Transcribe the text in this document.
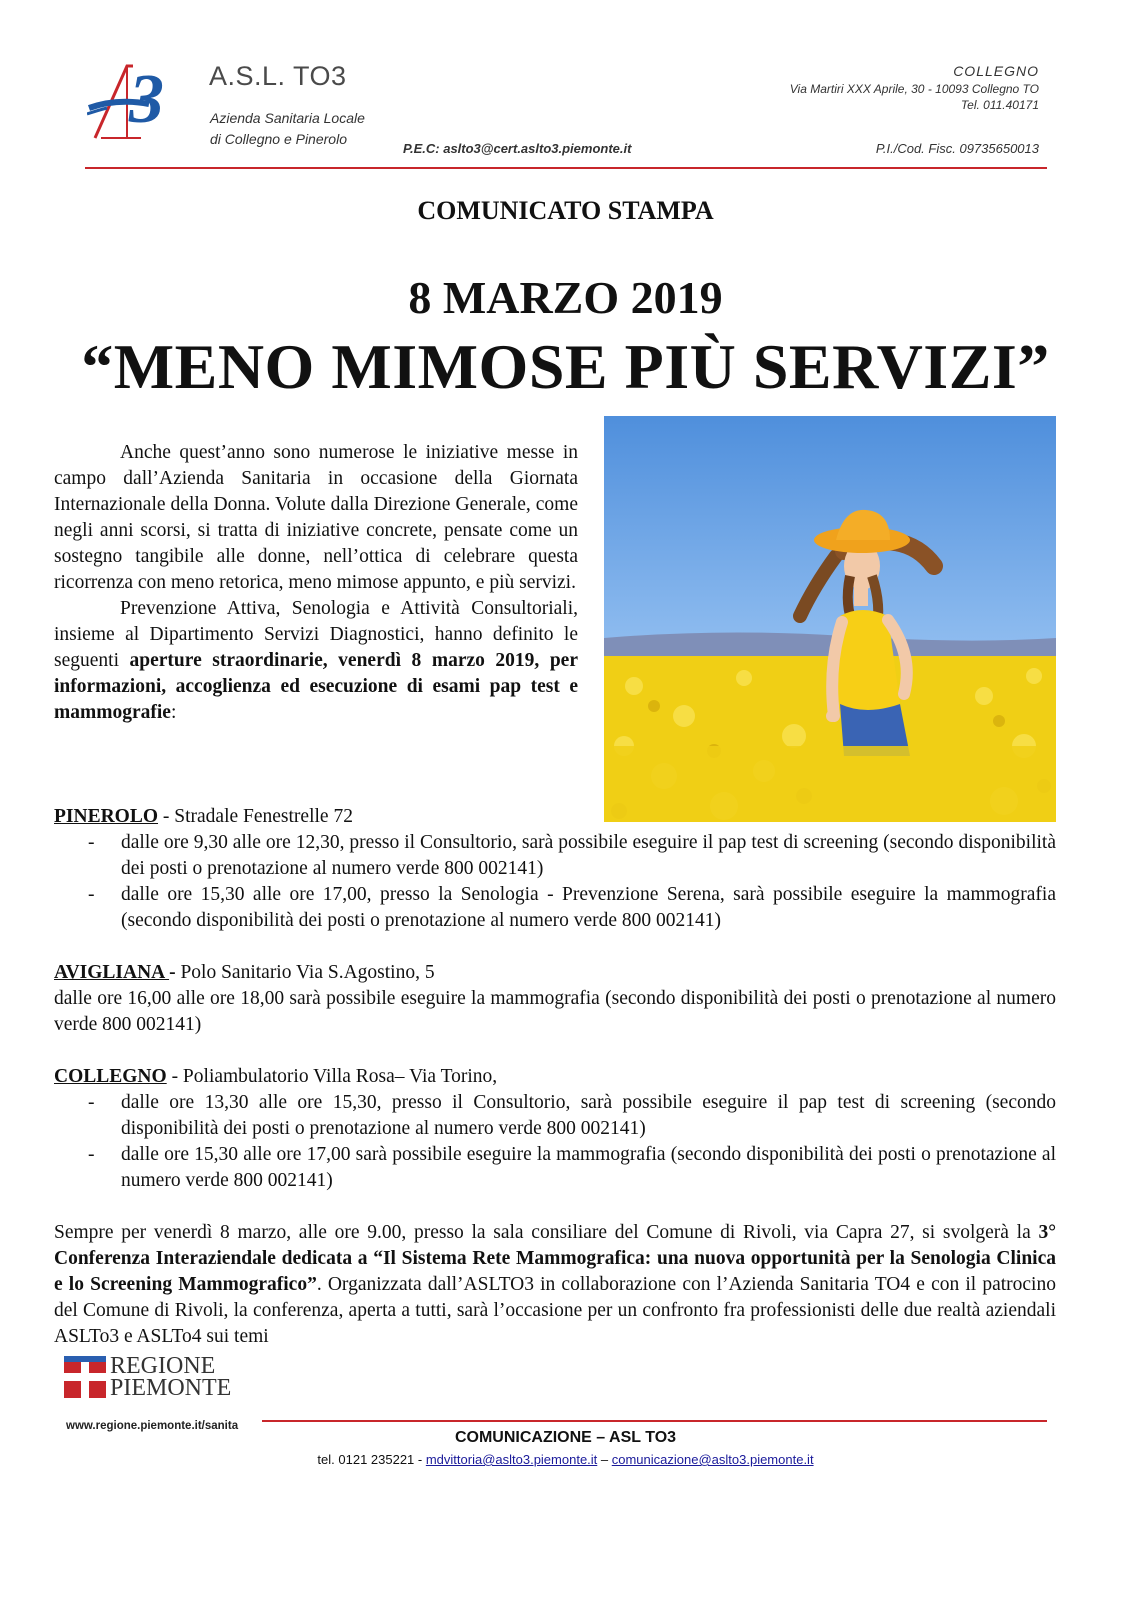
3 A.S.L. TO3
Azienda Sanitaria Locale
di Collegno e Pinerolo
COLLEGNO
Via Martiri XXX Aprile, 30 - 10093 Collegno TO
Tel. 011.40171
P.E.C: aslto3@cert.aslto3.piemonte.it	P.I./Cod. Fisc. 09735650013
COMUNICATO STAMPA
8 MARZO 2019
“MENO MIMOSE PIÙ SERVIZI”

Anche quest’anno sono numerose le iniziative messe in campo dall’Azienda Sanitaria in occasione della Giornata Internazionale della Donna. Volute dalla Direzione Generale, come negli anni scorsi, si tratta di iniziative concrete, pensate come un sostegno tangibile alle donne, nell’ottica di celebrare questa ricorrenza con meno retorica, meno mimose appunto, e più servizi.

Prevenzione Attiva, Senologia e Attività Consultoriali, insieme al Dipartimento Servizi Diagnostici, hanno definito le seguenti aperture straordinarie, venerdì 8 marzo 2019, per informazioni, accoglienza ed esecuzione di esami pap test e mammografie:

PINEROLO - Stradale Fenestrelle 72

- dalle ore 9,30 alle ore 12,30, presso il Consultorio, sarà possibile eseguire il pap test di screening (secondo disponibilità dei posti o prenotazione al numero verde 800 002141)
- dalle ore 15,30 alle ore 17,00, presso la Senologia - Prevenzione Serena, sarà possibile eseguire la mammografia (secondo disponibilità dei posti o prenotazione al numero verde 800 002141)

AVIGLIANA - Polo Sanitario Via S.Agostino, 5

dalle ore 16,00 alle ore 18,00 sarà possibile eseguire la mammografia (secondo disponibilità dei posti o prenotazione al numero verde 800 002141)

COLLEGNO - Poliambulatorio Villa Rosa– Via Torino,

- dalle ore 13,30 alle ore 15,30, presso il Consultorio, sarà possibile eseguire il pap test di screening (secondo disponibilità dei posti o prenotazione al numero verde 800 002141)
- dalle ore 15,30 alle ore 17,00 sarà possibile eseguire la mammografia (secondo disponibilità dei posti o prenotazione al numero verde 800 002141)

Sempre per venerdì 8 marzo, alle ore 9.00, presso la sala consiliare del Comune di Rivoli, via Capra 27, si svolgerà la 3° Conferenza Interaziendale dedicata a “Il Sistema Rete Mammografica: una nuova opportunità per la Senologia Clinica e lo Screening Mammografico”. Organizzata dall’ASLTO3 in collaborazione con l’Azienda Sanitaria TO4 e con il patrocino del Comune di Rivoli, la conferenza, aperta a tutti, sarà l’occasione per un confronto fra professionisti delle due realtà aziendali ASLTo3 e ASLTo4 sui temi

REGIONE
PIEMONTE
www.regione.piemonte.it/sanita
COMUNICAZIONE – ASL TO3
tel. 0121 235221 - mdvittoria@aslto3.piemonte.it – comunicazione@aslto3.piemonte.it
